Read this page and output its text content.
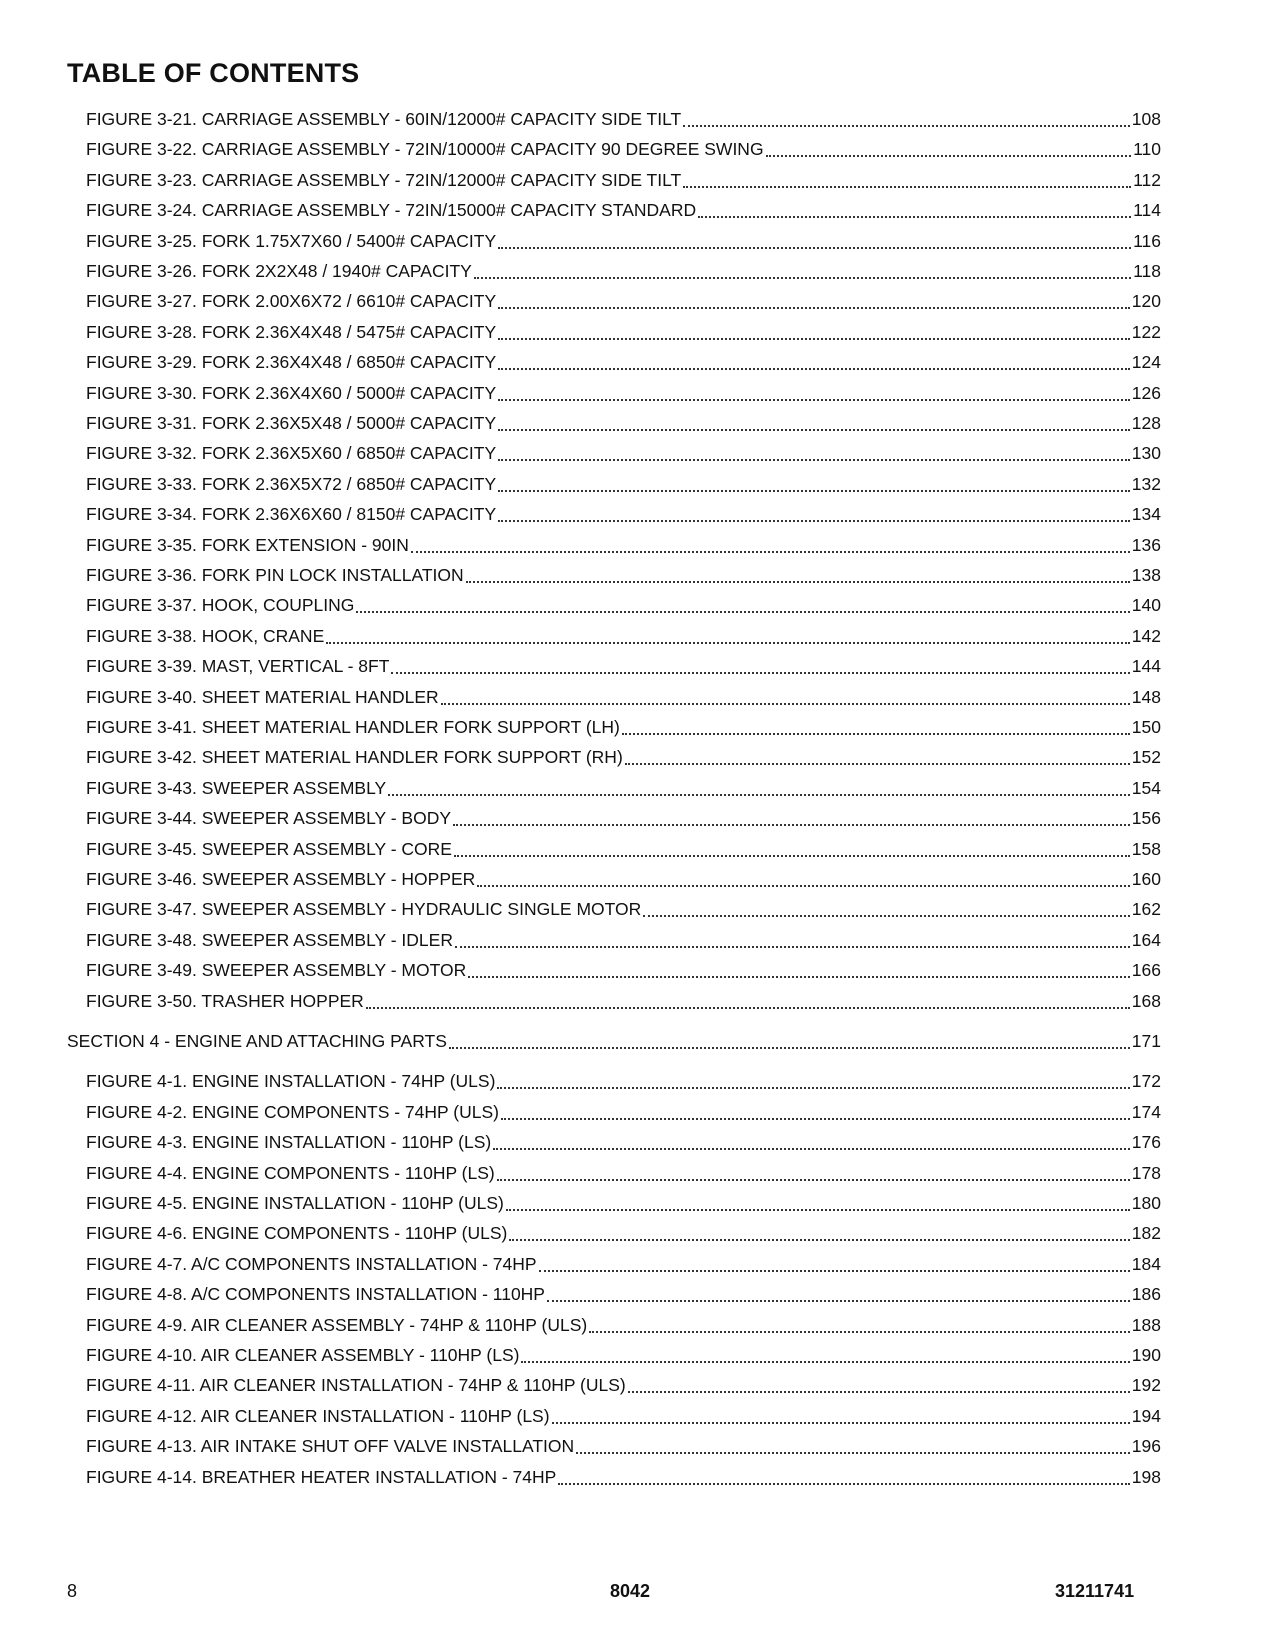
TABLE OF CONTENTS
FIGURE 3-21. CARRIAGE ASSEMBLY - 60IN/12000# CAPACITY SIDE TILT	108
FIGURE 3-22. CARRIAGE ASSEMBLY - 72IN/10000# CAPACITY 90 DEGREE SWING	110
FIGURE 3-23. CARRIAGE ASSEMBLY - 72IN/12000# CAPACITY SIDE TILT	112
FIGURE 3-24. CARRIAGE ASSEMBLY - 72IN/15000# CAPACITY STANDARD	114
FIGURE 3-25. FORK 1.75X7X60 / 5400# CAPACITY	116
FIGURE 3-26. FORK 2X2X48 / 1940# CAPACITY	118
FIGURE 3-27. FORK 2.00X6X72 / 6610# CAPACITY	120
FIGURE 3-28. FORK 2.36X4X48 / 5475# CAPACITY	122
FIGURE 3-29. FORK 2.36X4X48 / 6850# CAPACITY	124
FIGURE 3-30. FORK 2.36X4X60 / 5000# CAPACITY	126
FIGURE 3-31. FORK 2.36X5X48 / 5000# CAPACITY	128
FIGURE 3-32. FORK 2.36X5X60 / 6850# CAPACITY	130
FIGURE 3-33. FORK 2.36X5X72 / 6850# CAPACITY	132
FIGURE 3-34. FORK 2.36X6X60 / 8150# CAPACITY	134
FIGURE 3-35. FORK EXTENSION - 90IN	136
FIGURE 3-36. FORK PIN LOCK INSTALLATION	138
FIGURE 3-37. HOOK, COUPLING	140
FIGURE 3-38. HOOK, CRANE	142
FIGURE 3-39. MAST, VERTICAL - 8FT	144
FIGURE 3-40. SHEET MATERIAL HANDLER	148
FIGURE 3-41. SHEET MATERIAL HANDLER FORK SUPPORT (LH)	150
FIGURE 3-42. SHEET MATERIAL HANDLER FORK SUPPORT (RH)	152
FIGURE 3-43. SWEEPER ASSEMBLY	154
FIGURE 3-44. SWEEPER ASSEMBLY - BODY	156
FIGURE 3-45. SWEEPER ASSEMBLY - CORE	158
FIGURE 3-46. SWEEPER ASSEMBLY - HOPPER	160
FIGURE 3-47. SWEEPER ASSEMBLY - HYDRAULIC SINGLE MOTOR	162
FIGURE 3-48. SWEEPER ASSEMBLY - IDLER	164
FIGURE 3-49. SWEEPER ASSEMBLY - MOTOR	166
FIGURE 3-50. TRASHER HOPPER	168
SECTION 4 - ENGINE AND ATTACHING PARTS	171
FIGURE 4-1. ENGINE INSTALLATION - 74HP (ULS)	172
FIGURE 4-2. ENGINE COMPONENTS - 74HP (ULS)	174
FIGURE 4-3. ENGINE INSTALLATION - 110HP (LS)	176
FIGURE 4-4. ENGINE COMPONENTS - 110HP (LS)	178
FIGURE 4-5. ENGINE INSTALLATION - 110HP (ULS)	180
FIGURE 4-6. ENGINE COMPONENTS - 110HP (ULS)	182
FIGURE 4-7. A/C COMPONENTS INSTALLATION - 74HP	184
FIGURE 4-8. A/C COMPONENTS INSTALLATION - 110HP	186
FIGURE 4-9. AIR CLEANER ASSEMBLY - 74HP & 110HP (ULS)	188
FIGURE 4-10. AIR CLEANER ASSEMBLY - 110HP (LS)	190
FIGURE 4-11. AIR CLEANER INSTALLATION - 74HP & 110HP (ULS)	192
FIGURE 4-12. AIR CLEANER INSTALLATION - 110HP (LS)	194
FIGURE 4-13. AIR INTAKE SHUT OFF VALVE INSTALLATION	196
FIGURE 4-14. BREATHER HEATER INSTALLATION - 74HP	198
8	8042	31211741
